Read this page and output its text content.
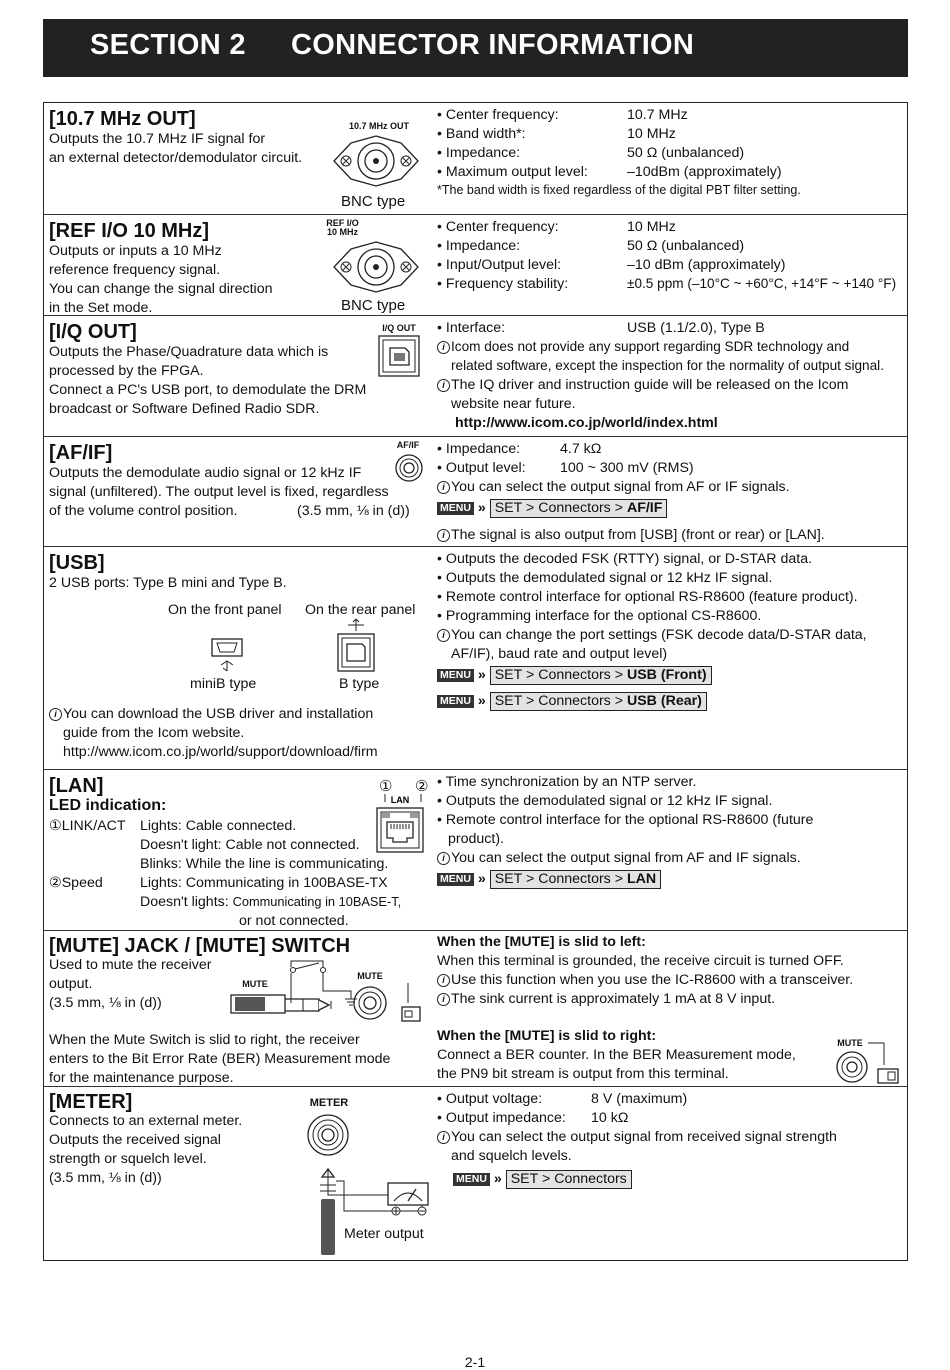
SECTION 2 CONNECTOR INFORMATION
[10.7 MHz OUT]
Outputs the 10.7 MHz IF signal for
an external detector/demodulator circuit.
10.7 MHz OUT
BNC type
• Center frequency:	10.7 MHz
• Band width*:	10 MHz
• Impedance:	50 Ω (unbalanced)
• Maximum output level:	–10dBm (approximately)
*The band width is fixed regardless of the digital PBT filter setting.
[REF I/O 10 MHz]
Outputs or inputs a 10 MHz
reference frequency signal.
You can change the signal direction
in the Set mode.
REF I/O
10 MHz
BNC type
• Center frequency:	10 MHz
• Impedance:	50 Ω (unbalanced)
• Input/Output level:	–10 dBm (approximately)
• Frequency stability:	±0.5 ppm (–10°C ~ +60°C, +14°F ~ +140 °F)
[I/Q OUT]
Outputs the Phase/Quadrature data which is
processed by the FPGA.
Connect a PC's USB port, to demodulate the DRM
broadcast or Software Defined Radio SDR.
I/Q OUT • Interface:	USB (1.1/2.0), Type B
i Icom does not provide any support regarding SDR technology and
related software, except the inspection for the normality of output signal.
i The IQ driver and instruction guide will be released on the Icom
website near future.
http://www.icom.co.jp/world/index.html
[AF/IF]
Outputs the demodulate audio signal or 12 kHz IF
signal (unfiltered). The output level is fixed, regardless
of the volume control position.	(3.5 mm, ⅛ in (d))
AF/IF • Impedance:	4.7 kΩ
• Output level: 100 ~ 300 mV (RMS)
i You can select the output signal from AF or IF signals.
MENU » SET > Connectors > AF/IF
i The signal is also output from [USB] (front or rear) or [LAN].
[USB]
2 USB ports: Type B mini and Type B.
On the front panel On the rear panel
miniB type	B type
i You can download the USB driver and installation
guide from the Icom website.
http://www.icom.co.jp/world/support/download/firm
• Outputs the decoded FSK (RTTY) signal, or D-STAR data.
• Outputs the demodulated signal or 12 kHz IF signal.
• Remote control interface for optional RS-R8600 (feature product).
• Programming interface for the optional CS-R8600.
i You can change the port settings (FSK decode data/D-STAR data,
AF/IF), baud rate and output level)
MENU » SET > Connectors > USB (Front)
MENU » SET > Connectors > USB (Rear)
[LAN]
LED indication:
①LINK/ACT Lights: Cable connected.
Doesn't light: Cable not connected.
Blinks: While the line is communicating.
②Speed	Lights: Communicating in 100BASE-TX
Doesn't lights: Communicating in 10BASE-T,
or not connected.
① ②
LAN
• Time synchronization by an NTP server.
• Outputs the demodulated signal or 12 kHz IF signal.
• Remote control interface for the optional RS-R8600 (future
product).
i You can select the output signal from AF and IF signals.
MENU » SET > Connectors > LAN
[MUTE] JACK / [MUTE] SWITCH
Used to mute the receiver
output.
(3.5 mm, ⅛ in (d))
MUTE
MUTE
When the Mute Switch is slid to right, the receiver
enters to the Bit Error Rate (BER) Measurement mode
for the maintenance purpose.
When the [MUTE] is slid to left:
When this terminal is grounded, the receive circuit is turned OFF.
i Use this function when you use the IC-R8600 with a transceiver.
i The sink current is approximately 1 mA at 8 V input.
When the [MUTE] is slid to right:
Connect a BER counter. In the BER Measurement mode,
the PN9 bit stream is output from this terminal.
MUTE
[METER]
Connects to an external meter.
Outputs the received signal
strength or squelch level.
(3.5 mm, ⅛ in (d))
METER
Meter output
• Output voltage:	8 V (maximum)
• Output impedance: 10 kΩ
i You can select the output signal from received signal strength
and squelch levels.
MENU » SET > Connectors
2-1
